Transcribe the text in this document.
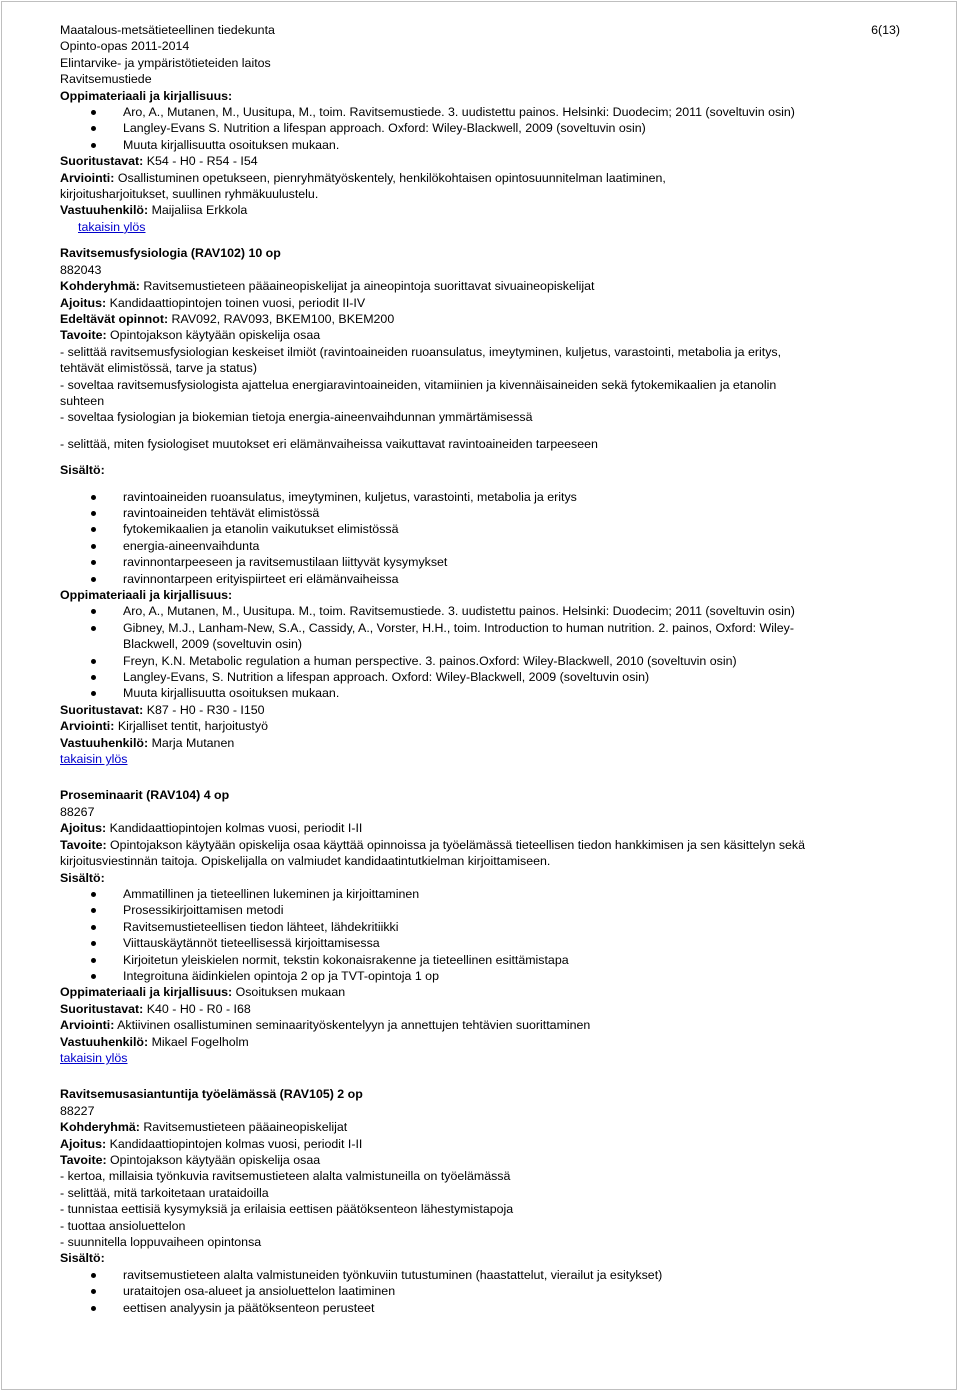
6(13)
Maatalous-metsätieteellinen tiedekunta
Opinto-opas 2011-2014
Elintarvike- ja ympäristötieteiden laitos
Ravitsemustiede
Oppimateriaali ja kirjallisuus:
Aro, A., Mutanen, M., Uusitupa, M., toim. Ravitsemustiede. 3. uudistettu painos. Helsinki: Duodecim; 2011 (soveltuvin osin)
Langley-Evans S. Nutrition a lifespan approach. Oxford: Wiley-Blackwell, 2009 (soveltuvin osin)
Muuta kirjallisuutta osoituksen mukaan.
Suoritustavat: K54 - H0 - R54 - I54
Arviointi: Osallistuminen opetukseen, pienryhmätyöskentely, henkilökohtaisen opintosuunnitelman laatiminen,
kirjoitusharjoitukset, suullinen ryhmäkuulustelu.
Vastuuhenkilö: Maijaliisa Erkkola
takaisin ylös
Ravitsemusfysiologia (RAV102) 10 op
882043
Kohderyhmä: Ravitsemustieteen pääaineopiskelijat ja aineopintoja suorittavat sivuaineopiskelijat
Ajoitus: Kandidaattiopintojen toinen vuosi, periodit II-IV
Edeltävät opinnot: RAV092, RAV093, BKEM100, BKEM200
Tavoite: Opintojakson käytyään opiskelija osaa
- selittää ravitsemusfysiologian keskeiset ilmiöt (ravintoaineiden ruoansulatus, imeytyminen, kuljetus, varastointi, metabolia ja eritys,
tehtävät elimistössä, tarve ja status)
- soveltaa ravitsemusfysiologista ajattelua energiaravintoaineiden, vitamiinien ja kivennäisaineiden sekä fytokemikaalien ja etanolin
suhteen
- soveltaa fysiologian ja biokemian tietoja energia-aineenvaihdunnan ymmärtämisessä
- selittää, miten fysiologiset muutokset eri elämänvaiheissa vaikuttavat ravintoaineiden tarpeeseen
Sisältö:
ravintoaineiden ruoansulatus, imeytyminen, kuljetus, varastointi, metabolia ja eritys
ravintoaineiden tehtävät elimistössä
fytokemikaalien ja etanolin vaikutukset elimistössä
energia-aineenvaihdunta
ravinnontarpeeseen ja ravitsemustilaan liittyvät kysymykset
ravinnontarpeen erityispiirteet eri elämänvaiheissa
Oppimateriaali ja kirjallisuus:
Aro, A., Mutanen, M., Uusitupa. M., toim. Ravitsemustiede. 3. uudistettu painos. Helsinki: Duodecim; 2011 (soveltuvin osin)
Gibney, M.J., Lanham-New, S.A., Cassidy, A., Vorster, H.H., toim. Introduction to human nutrition. 2. painos, Oxford: Wiley-
Blackwell, 2009 (soveltuvin osin)
Freyn, K.N. Metabolic regulation a human perspective. 3. painos.Oxford: Wiley-Blackwell, 2010 (soveltuvin osin)
Langley-Evans, S. Nutrition a lifespan approach. Oxford: Wiley-Blackwell, 2009 (soveltuvin osin)
Muuta kirjallisuutta osoituksen mukaan.
Suoritustavat: K87 - H0 - R30 - I150
Arviointi: Kirjalliset tentit, harjoitustyö
Vastuuhenkilö: Marja Mutanen
takaisin ylös
Proseminaarit (RAV104) 4 op
88267
Ajoitus: Kandidaattiopintojen kolmas vuosi, periodit I-II
Tavoite: Opintojakson käytyään opiskelija osaa käyttää opinnoissa ja työelämässä tieteellisen tiedon hankkimisen ja sen käsittelyn sekä
kirjoitusviestinnän taitoja. Opiskelijalla on valmiudet kandidaatintutkielman kirjoittamiseen.
Sisältö:
Ammatillinen ja tieteellinen lukeminen ja kirjoittaminen
Prosessikirjoittamisen metodi
Ravitsemustieteellisen tiedon lähteet, lähdekritiikki
Viittauskäytännöt tieteellisessä kirjoittamisessa
Kirjoitetun yleiskielen normit, tekstin kokonaisrakenne ja tieteellinen esittämistapa
Integroituna äidinkielen opintoja 2 op ja TVT-opintoja 1 op
Oppimateriaali ja kirjallisuus: Osoituksen mukaan
Suoritustavat: K40 - H0 - R0 - I68
Arviointi: Aktiivinen osallistuminen seminaarityöskentelyyn ja annettujen tehtävien suorittaminen
Vastuuhenkilö: Mikael Fogelholm
takaisin ylös
Ravitsemusasiantuntija työelämässä (RAV105) 2 op
88227
Kohderyhmä: Ravitsemustieteen pääaineopiskelijat
Ajoitus: Kandidaattiopintojen kolmas vuosi, periodit I-II
Tavoite: Opintojakson käytyään opiskelija osaa
- kertoa, millaisia työnkuvia ravitsemustieteen alalta valmistuneilla on työelämässä
- selittää, mitä tarkoitetaan urataidoilla
- tunnistaa eettisiä kysymyksiä ja erilaisia eettisen päätöksenteon lähestymistapoja
- tuottaa ansioluettelon
- suunnitella loppuvaiheen opintonsa
Sisältö:
ravitsemustieteen alalta valmistuneiden työnkuviin tutustuminen (haastattelut, vierailut ja esitykset)
urataitojen osa-alueet ja ansioluettelon laatiminen
eettisen analyysin ja päätöksenteon perusteet
